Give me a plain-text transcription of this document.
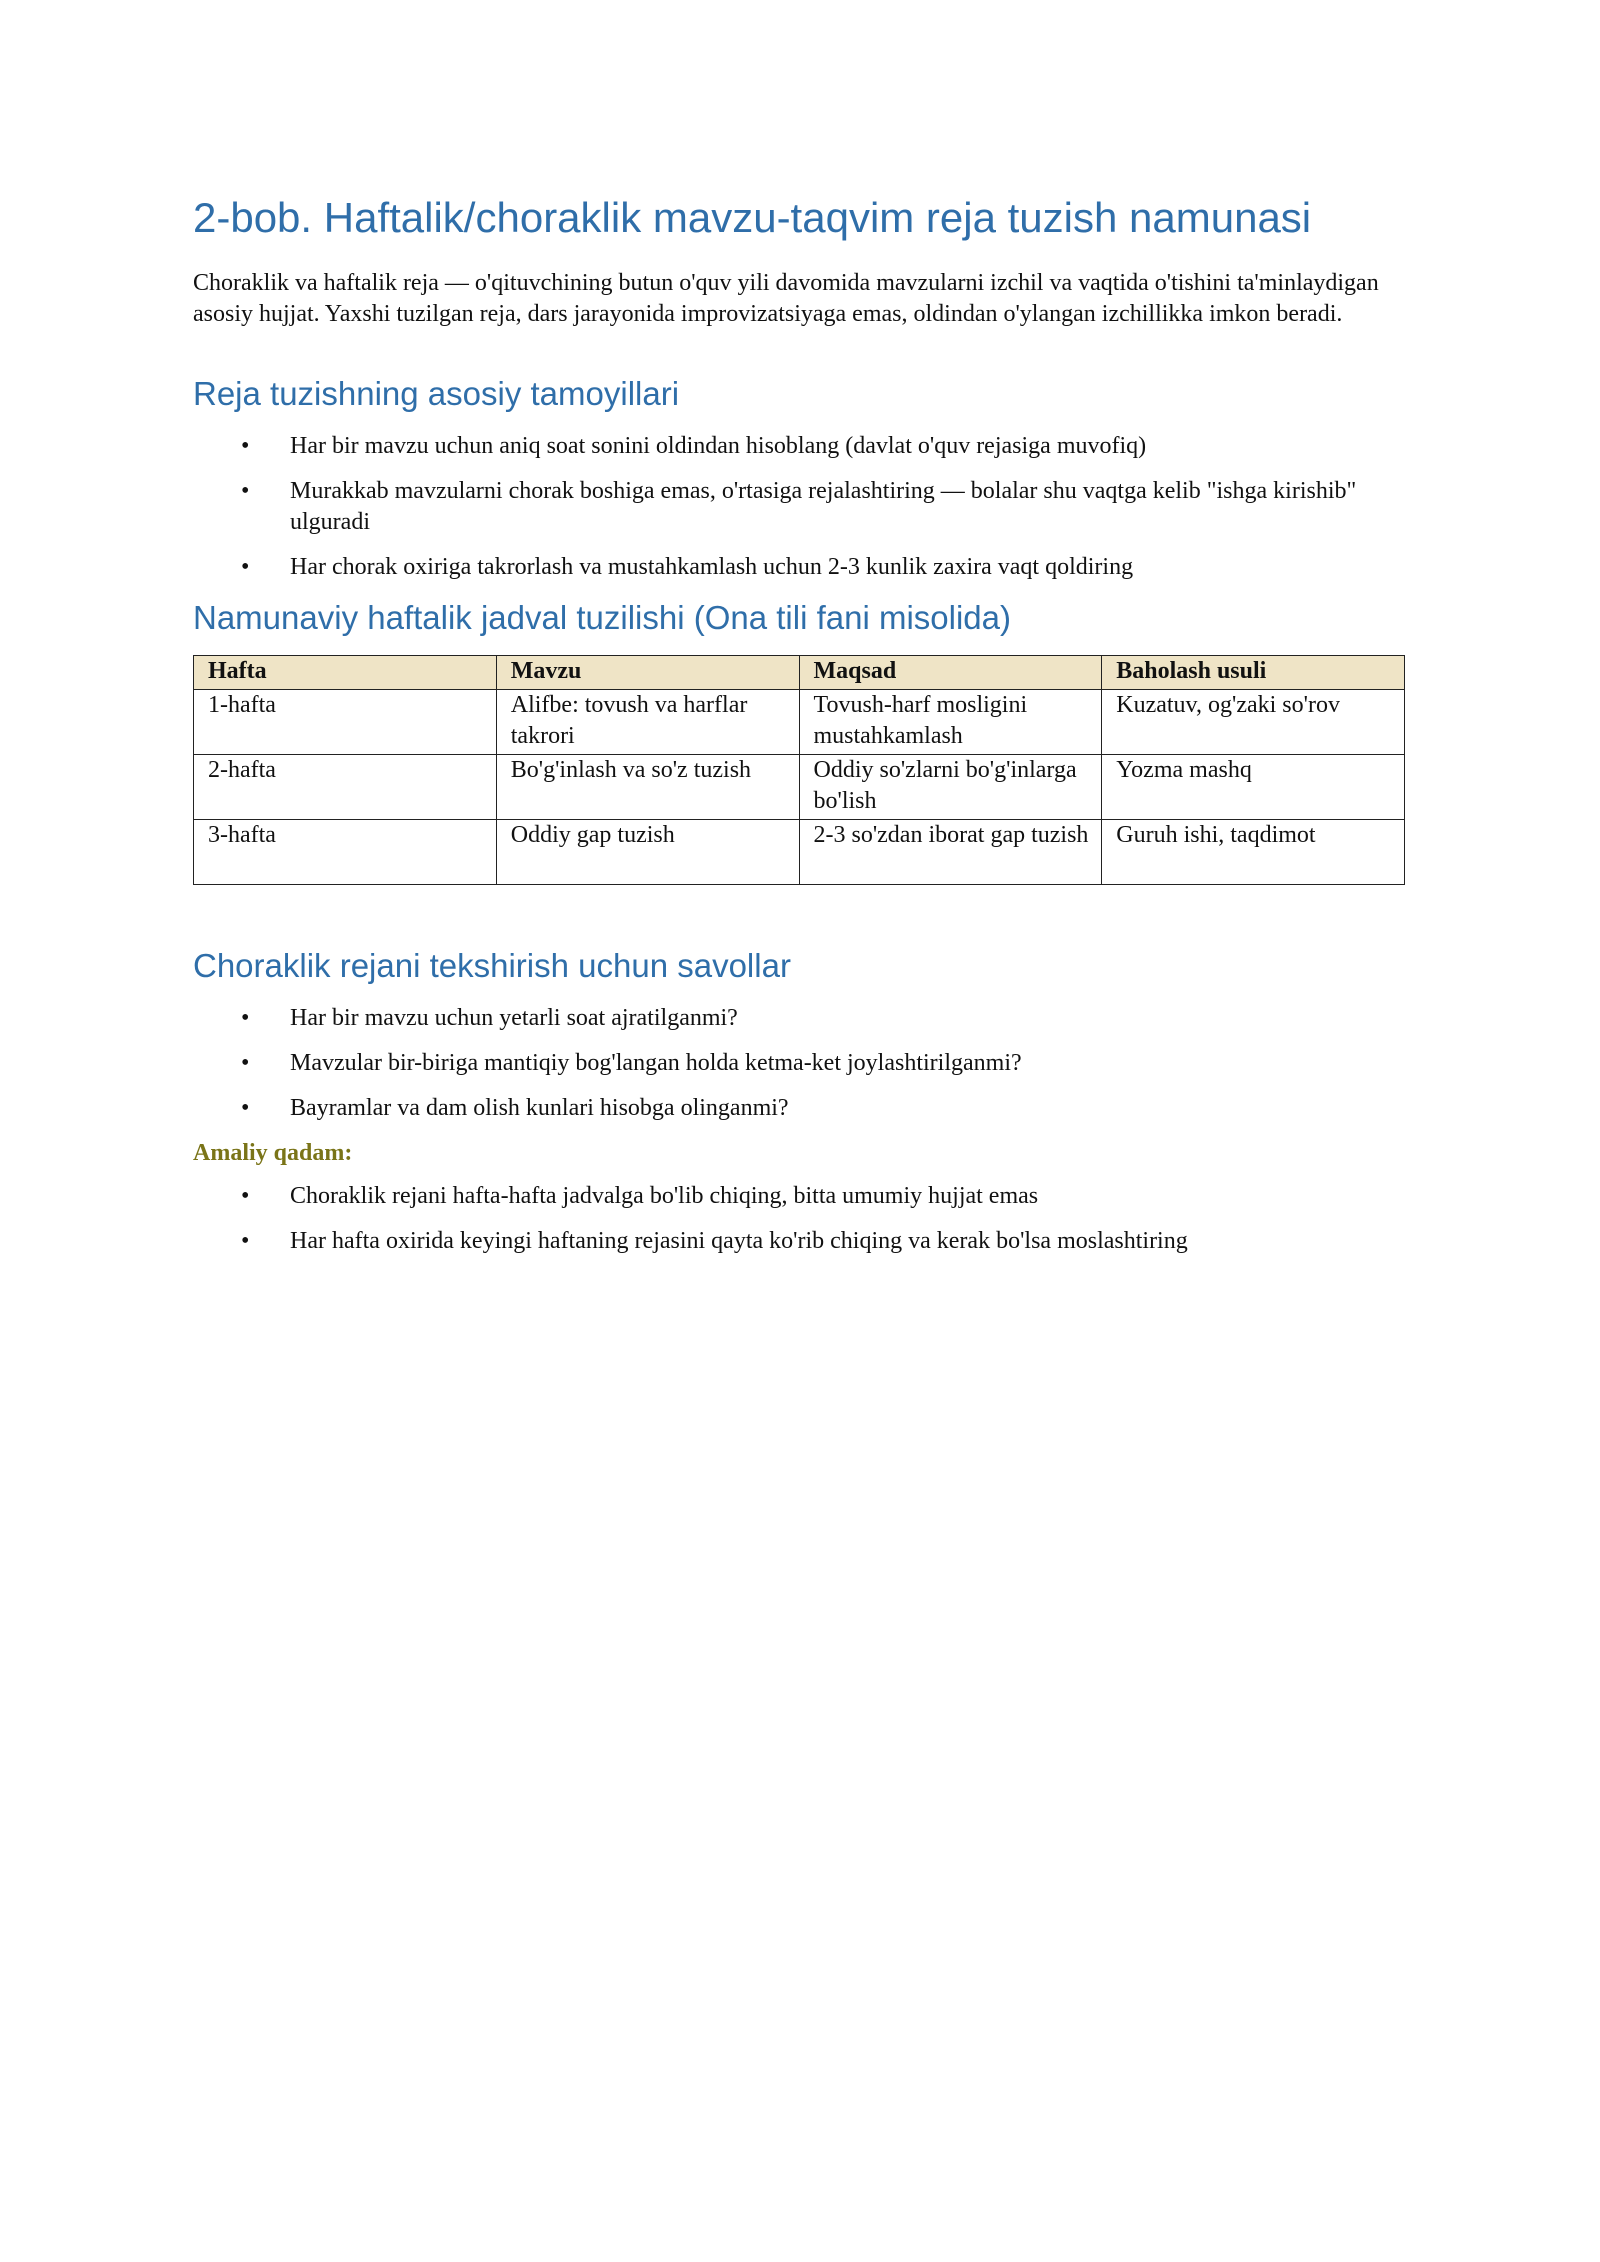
2-bob. Haftalik/choraklik mavzu-taqvim reja tuzish namunasi

Choraklik va haftalik reja — o'qituvchining butun o'quv yili davomida mavzularni izchil va vaqtida o'tishini ta'minlaydigan asosiy hujjat. Yaxshi tuzilgan reja, dars jarayonida improvizatsiyaga emas, oldindan o'ylangan izchillikka imkon beradi.

Reja tuzishning asosiy tamoyillari
• Har bir mavzu uchun aniq soat sonini oldindan hisoblang (davlat o'quv rejasiga muvofiq)
• Murakkab mavzularni chorak boshiga emas, o'rtasiga rejalashtiring — bolalar shu vaqtga kelib "ishga kirishib" ulguradi
• Har chorak oxiriga takrorlash va mustahkamlash uchun 2-3 kunlik zaxira vaqt qoldiring
Namunaviy haftalik jadval tuzilishi (Ona tili fani misolida)
Hafta	Mavzu	Maqsad	Baholash usuli
1-hafta	Alifbe: tovush va harflar takrori	Tovush-harf mosligini mustahkamlash	Kuzatuv, og'zaki so'rov
2-hafta	Bo'g'inlash va so'z tuzish	Oddiy so'zlarni bo'g'inlarga bo'lish	Yozma mashq
3-hafta	Oddiy gap tuzish	2-3 so'zdan iborat gap tuzish	Guruh ishi, taqdimot
Choraklik rejani tekshirish uchun savollar
• Har bir mavzu uchun yetarli soat ajratilganmi?
• Mavzular bir-biriga mantiqiy bog'langan holda ketma-ket joylashtirilganmi?
• Bayramlar va dam olish kunlari hisobga olinganmi?

Amaliy qadam:

• Choraklik rejani hafta-hafta jadvalga bo'lib chiqing, bitta umumiy hujjat emas
• Har hafta oxirida keyingi haftaning rejasini qayta ko'rib chiqing va kerak bo'lsa moslashtiring
